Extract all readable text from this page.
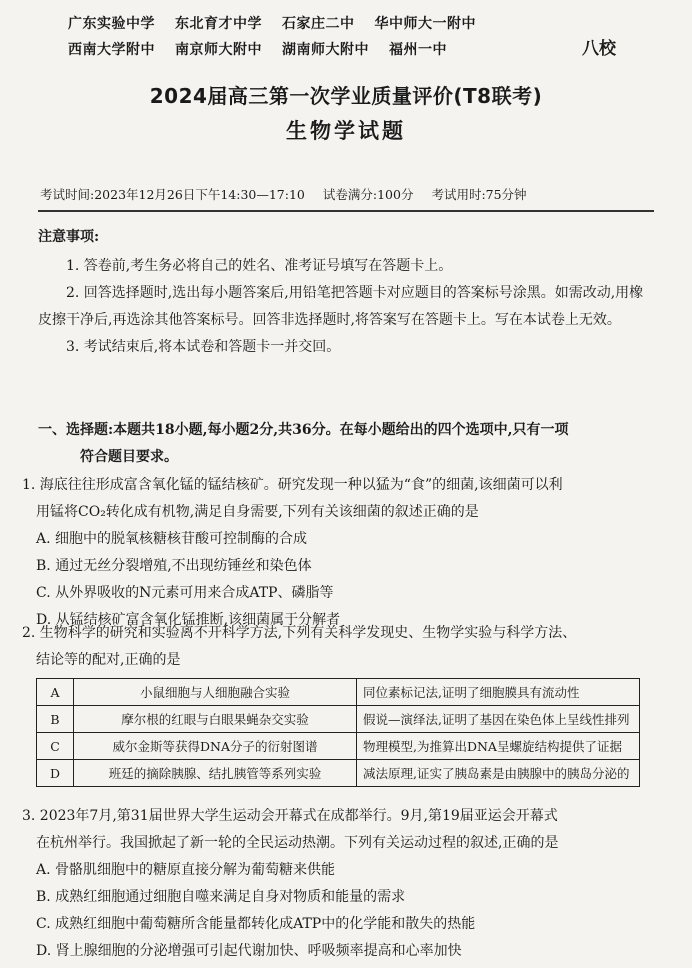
广东实验中学 东北育才中学 石家庄二中 华中师大一附中
西南大学附中 南京师大附中 湖南师大附中 福州一中	八校
2024届高三第一次学业质量评价(T8联考)
生物学试题
考试时间:2023年12月26日下午14:30—17:10 试卷满分:100分 考试用时:75分钟
注意事项:
1. 答卷前,考生务必将自己的姓名、准考证号填写在答题卡上。
2. 回答选择题时,选出每小题答案后,用铅笔把答题卡对应题目的答案标号涂黑。如需改动,用橡皮擦干净后,再选涂其他答案标号。回答非选择题时,将答案写在答题卡上。写在本试卷上无效。
3. 考试结束后,将本试卷和答题卡一并交回。
一、选择题:本题共18小题,每小题2分,共36分。在每小题给出的四个选项中,只有一项
符合题目要求。
1. 海底往往形成富含氧化锰的锰结核矿。研究发现一种以猛为“食”的细菌,该细菌可以利
用锰将CO₂转化成有机物,满足自身需要,下列有关该细菌的叙述正确的是
A. 细胞中的脱氧核糖核苷酸可控制酶的合成
B. 通过无丝分裂增殖,不出现纺锤丝和染色体
C. 从外界吸收的N元素可用来合成ATP、磷脂等
D. 从锰结核矿富含氧化锰推断,该细菌属于分解者
2. 生物科学的研究和实验离不开科学方法,下列有关科学发现史、生物学实验与科学方法、
结论等的配对,正确的是
A	小鼠细胞与人细胞融合实验	同位素标记法,证明了细胞膜具有流动性
B	摩尔根的红眼与白眼果蝇杂交实验	假说—演绎法,证明了基因在染色体上呈线性排列
C	威尔金斯等获得DNA分子的衍射图谱	物理模型,为推算出DNA呈螺旋结构提供了证据
D	班廷的摘除胰腺、结扎胰管等系列实验	减法原理,证实了胰岛素是由胰腺中的胰岛分泌的
3. 2023年7月,第31届世界大学生运动会开幕式在成都举行。9月,第19届亚运会开幕式
在杭州举行。我国掀起了新一轮的全民运动热潮。下列有关运动过程的叙述,正确的是
A. 骨骼肌细胞中的糖原直接分解为葡萄糖来供能
B. 成熟红细胞通过细胞自噬来满足自身对物质和能量的需求
C. 成熟红细胞中葡萄糖所含能量都转化成ATP中的化学能和散失的热能
D. 肾上腺细胞的分泌增强可引起代谢加快、呼吸频率提高和心率加快
